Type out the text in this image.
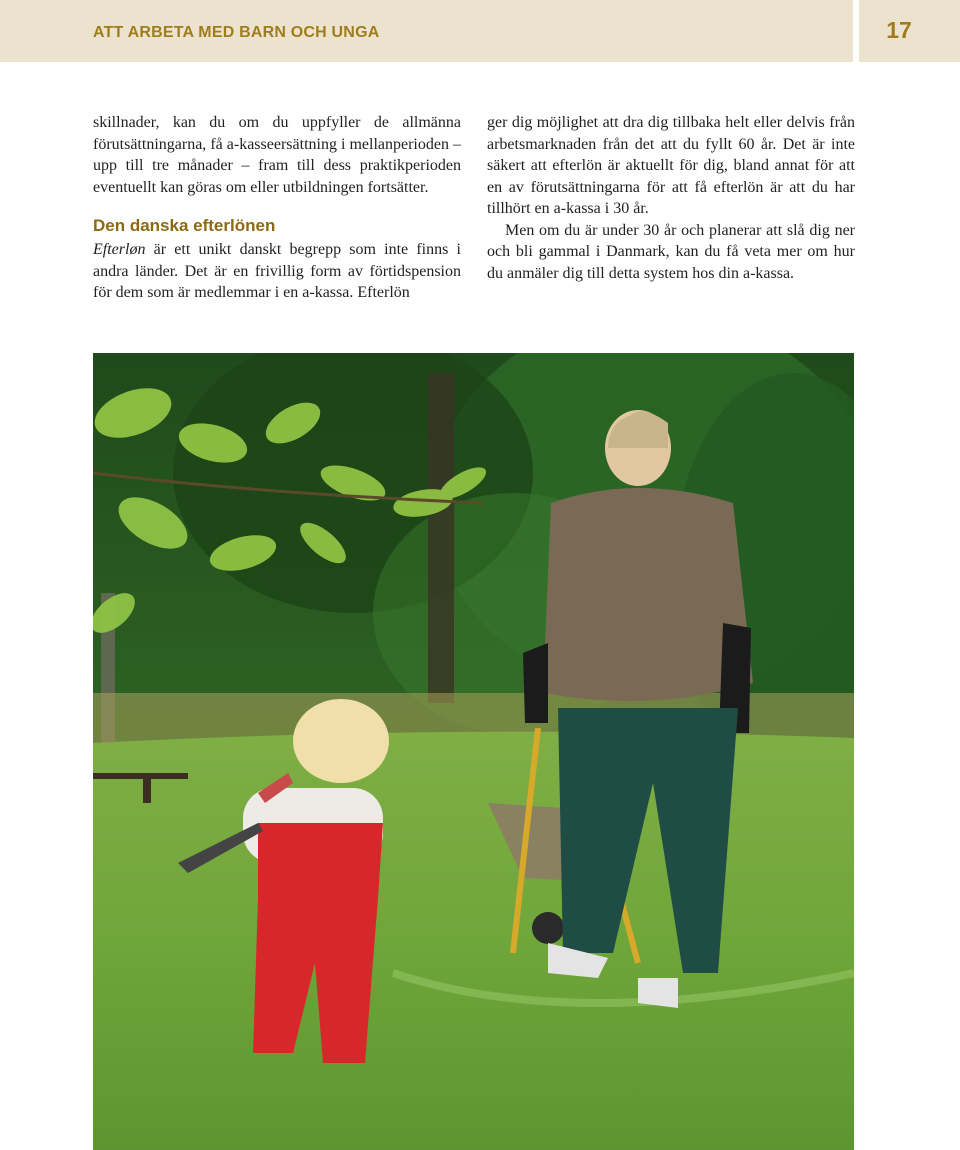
ATT ARBETA MED BARN OCH UNGA	17

skillnader, kan du om du uppfyller de allmänna förutsättningarna, få a-kasseersättning i mellanperioden – upp till tre månader – fram till dess praktikperioden eventuellt kan göras om eller utbildningen fortsätter.

Den danska efterlönen

Efterløn är ett unikt danskt begrepp som inte finns i andra länder. Det är en frivillig form av förtidspension för dem som är medlemmar i en a-kassa. Efterlön

ger dig möjlighet att dra dig tillbaka helt eller delvis från arbetsmarknaden från det att du fyllt 60 år. Det är inte säkert att efterlön är aktuellt för dig, bland annat för att en av förutsättningarna för att få efterlön är att du har tillhört en a-kassa i 30 år.

Men om du är under 30 år och planerar att slå dig ner och bli gammal i Danmark, kan du få veta mer om hur du anmäler dig till detta system hos din a-kassa.
